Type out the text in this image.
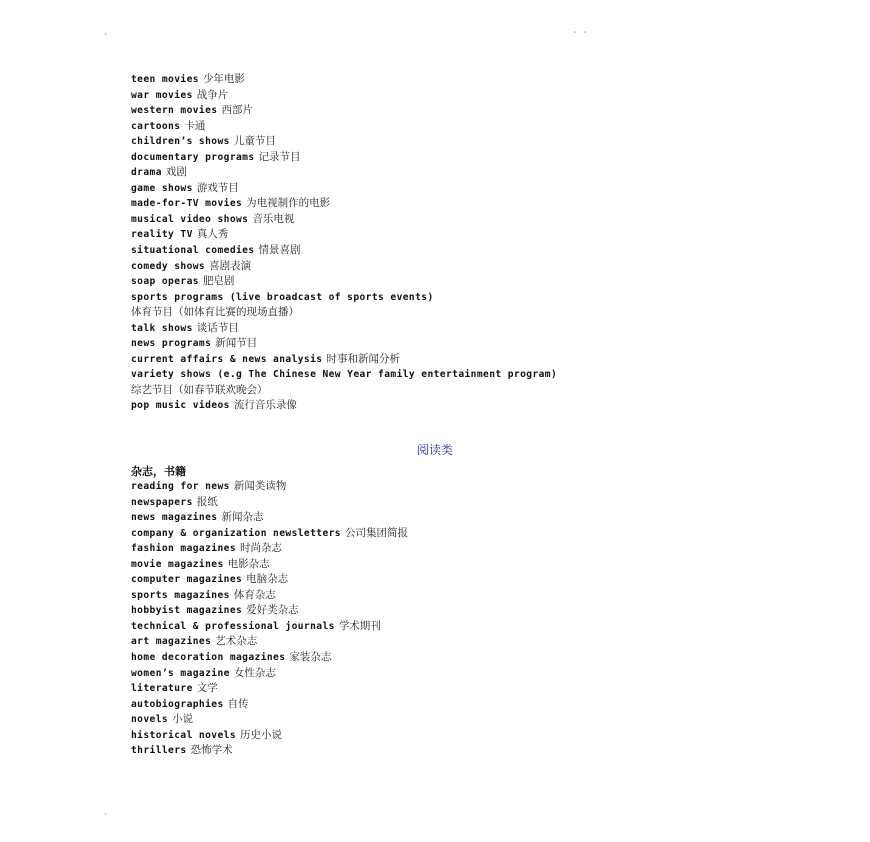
-	- -
.
teen movies 少年电影
war movies 战争片
western movies 西部片
cartoons 卡通
children’s shows 儿童节目
documentary programs 记录节目
drama 戏剧
game shows 游戏节目
made-for-TV movies 为电视制作的电影
musical video shows 音乐电视
reality TV 真人秀
situational comedies 情景喜剧
comedy shows 喜剧表演
soap operas 肥皂剧
sports programs (live broadcast of sports events)
体育节目（如体育比赛的现场直播）
talk shows 谈话节目
news programs 新闻节目
current affairs & news analysis 时事和新闻分析
variety shows (e.g The Chinese New Year family entertainment program)
综艺节目（如春节联欢晚会）
pop music videos 流行音乐录像
阅读类
杂志，书籍
reading for news 新闻类读物
newspapers 报纸
news magazines 新闻杂志
company & organization newsletters 公司集团简报
fashion magazines 时尚杂志
movie magazines 电影杂志
computer magazines 电脑杂志
sports magazines 体育杂志
hobbyist magazines 爱好类杂志
technical & professional journals 学术期刊
art magazines 艺术杂志
home decoration magazines 家装杂志
women’s magazine 女性杂志
literature 文学
autobiographies 自传
novels 小说
historical novels 历史小说
thrillers 恐怖学术
